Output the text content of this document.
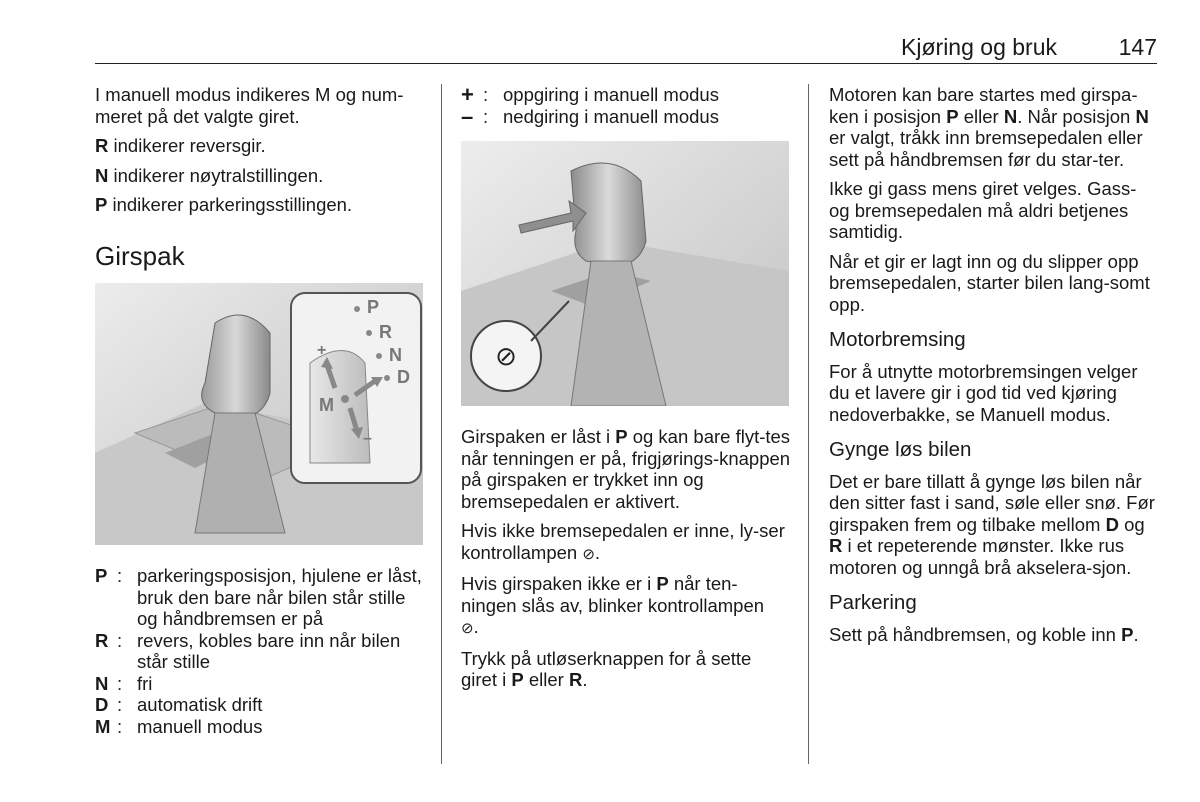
Kjøring og bruk	147

I manuell modus indikeres M og num-meret på det valgte giret.

R indikerer reversgir.

N indikerer nøytralstillingen.

P indikerer parkeringsstillingen.

Girspak
P
R
N
D
M
+
–
P : parkeringsposisjon, hjulene er låst, bruk den bare når bilen står stille og håndbremsen er på
R : revers, kobles bare inn når bilen står stille
N : fri
D : automatisk drift
M : manuell modus
+ : oppgiring i manuell modus
– : nedgiring i manuell modus
⊘

Girspaken er låst i P og kan bare flyt-tes når tenningen er på, frigjørings-knappen på girspaken er trykket inn og bremsepedalen er aktivert.

Hvis ikke bremsepedalen er inne, ly-ser kontrollampen ⊘.

Hvis girspaken ikke er i P når ten-ningen slås av, blinker kontrollampen
⊘.

Trykk på utløserknappen for å sette giret i P eller R.

Motoren kan bare startes med girspa-ken i posisjon P eller N. Når posisjon N er valgt, tråkk inn bremsepedalen eller sett på håndbremsen før du star-ter.

Ikke gi gass mens giret velges. Gass- og bremsepedalen må aldri betjenes samtidig.

Når et gir er lagt inn og du slipper opp bremsepedalen, starter bilen lang-somt opp.

Motorbremsing

For å utnytte motorbremsingen velger du et lavere gir i god tid ved kjøring nedoverbakke, se Manuell modus.

Gynge løs bilen

Det er bare tillatt å gynge løs bilen når den sitter fast i sand, søle eller snø. Før girspaken frem og tilbake mellom D og R i et repeterende mønster. Ikke rus motoren og unngå brå akselera-sjon.

Parkering

Sett på håndbremsen, og koble inn P.
